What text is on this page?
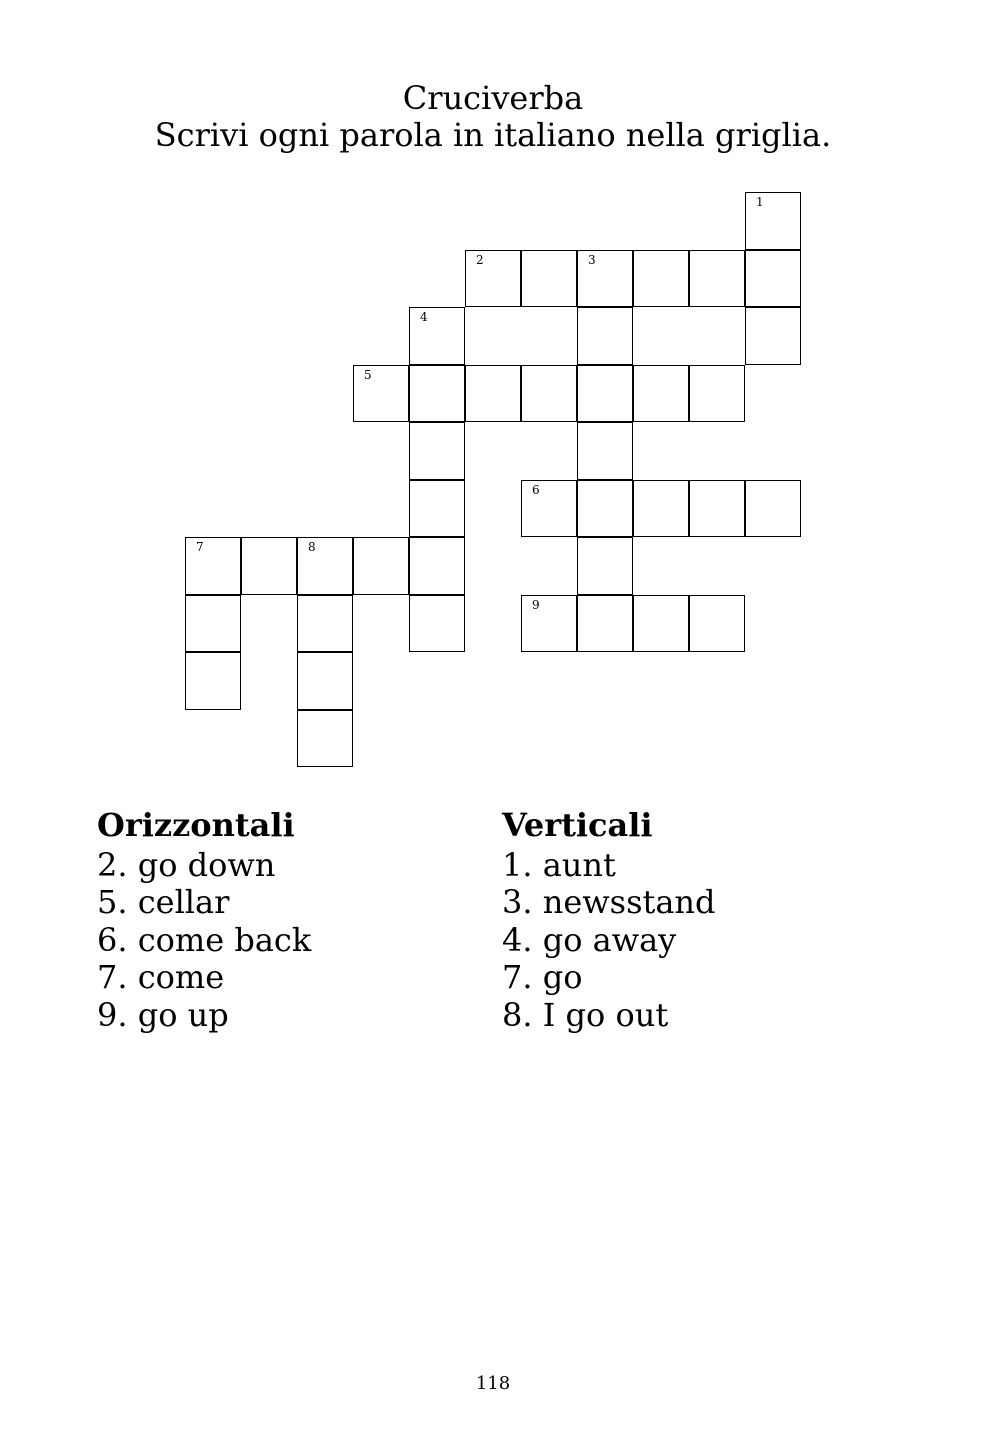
Cruciverba
Scrivi ogni parola in italiano nella griglia.
1
2	3
4
5
6
7	8
9
Orizzontali
2. go down
5. cellar
6. come back
7. come
9. go up
Verticali
1. aunt
3. newsstand
4. go away
7. go
8. I go out
118
